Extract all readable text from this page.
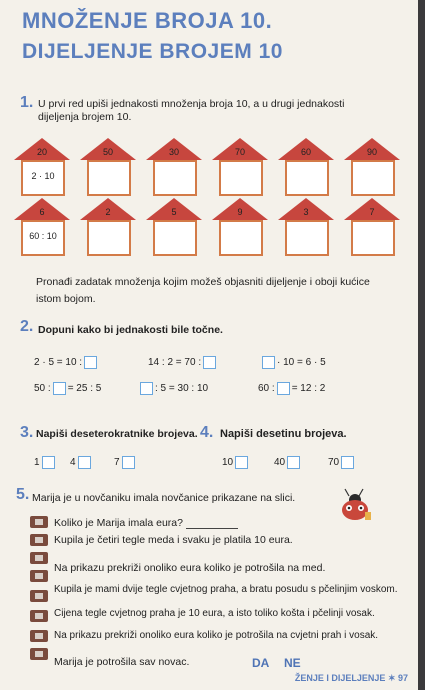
MNOŽENJE BROJA 10.
DIJELJENJE BROJEM 10
1. U prvi red upiši jednakosti množenja broja 10, a u drugi jednakosti
dijeljenja brojem 10.
20
2 · 10
50	30	70	60	90
6
60 : 10
2	5	9	3	7
Pronađi zadatak množenja kojim možeš objasniti dijeljenje i oboji kućice
istom bojom.
2. Dopuni kako bi jednakosti bile točne.
2 · 5 = 10 :	14 : 2 = 70 :	· 10 = 6 · 5
50 : = 25 : 5	: 5 = 30 : 10	60 : = 12 : 2
3. Napiši deseterokratnike brojeva.
1	4	7
4. Napiši desetinu brojeva.
10	40	70
5. Marija je u novčaniku imala novčanice prikazane na slici.
Koliko je Marija imala eura?
Kupila je četiri tegle meda i svaku je platila 10 eura.
Na prikazu prekriži onoliko eura koliko je potrošila na med.
Kupila je mami dvije tegle cvjetnog praha, a bratu posudu s pčelinjim voskom.
Cijena tegle cvjetnog praha je 10 eura, a isto toliko košta i pčelinji vosak.
Na prikazu prekriži onoliko eura koliko je potrošila na cvjetni prah i vosak.
Marija je potrošila sav novac.	DA NE
ŽENJE I DIJELJENJE ✶ 97
